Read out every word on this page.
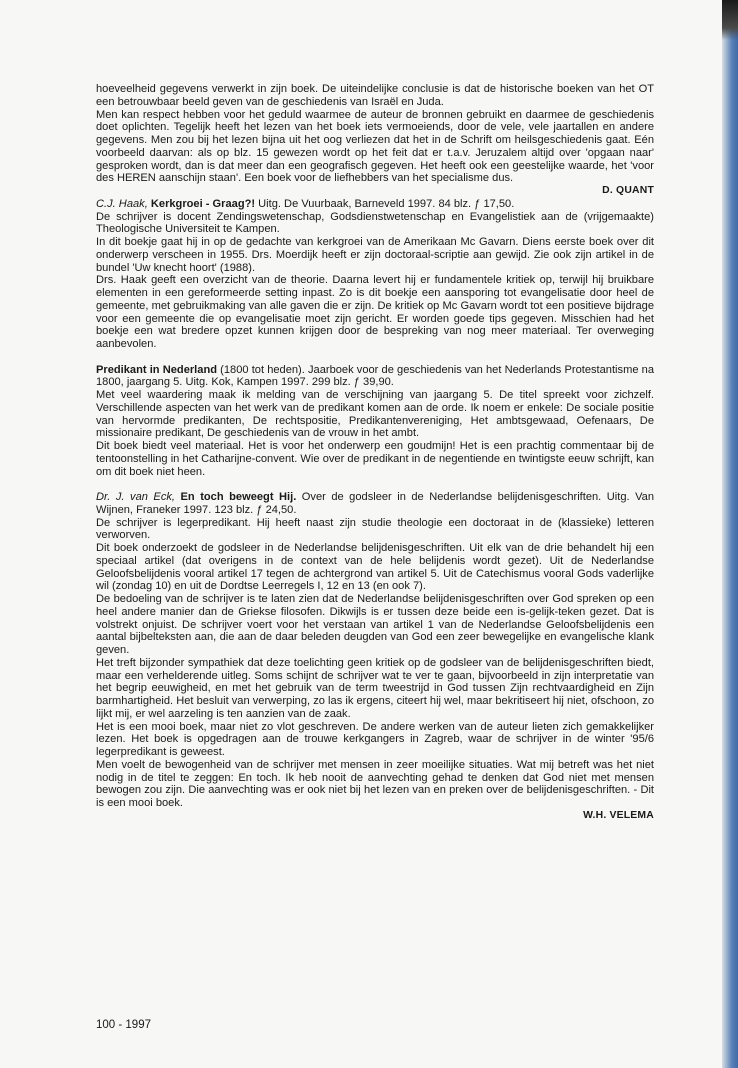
hoeveelheid gegevens verwerkt in zijn boek. De uiteindelijke conclusie is dat de historische boeken van het OT een betrouwbaar beeld geven van de geschiedenis van Israël en Juda.

Men kan respect hebben voor het geduld waarmee de auteur de bronnen gebruikt en daarmee de geschiedenis doet oplichten. Tegelijk heeft het lezen van het boek iets vermoeiends, door de vele, vele jaartallen en andere gegevens. Men zou bij het lezen bijna uit het oog verliezen dat het in de Schrift om heilsgeschiedenis gaat. Eén voorbeeld daarvan: als op blz. 15 gewezen wordt op het feit dat er t.a.v. Jeruzalem altijd over 'opgaan naar' gesproken wordt, dan is dat meer dan een geografisch gegeven. Het heeft ook een geestelijke waarde, het 'voor des HEREN aanschijn staan'. Een boek voor de liefhebbers van het specialisme dus.

D. QUANT

C.J. Haak, Kerkgroei - Graag?! Uitg. De Vuurbaak, Barneveld 1997. 84 blz. ƒ 17,50.

De schrijver is docent Zendingswetenschap, Godsdienstwetenschap en Evangelistiek aan de (vrijgemaakte) Theologische Universiteit te Kampen.

In dit boekje gaat hij in op de gedachte van kerkgroei van de Amerikaan Mc Gavarn. Diens eerste boek over dit onderwerp verscheen in 1955. Drs. Moerdijk heeft er zijn doctoraal-scriptie aan gewijd. Zie ook zijn artikel in de bundel 'Uw knecht hoort' (1988).

Drs. Haak geeft een overzicht van de theorie. Daarna levert hij er fundamentele kritiek op, terwijl hij bruikbare elementen in een gereformeerde setting inpast. Zo is dit boekje een aansporing tot evangelisatie door heel de gemeente, met gebruikmaking van alle gaven die er zijn. De kritiek op Mc Gavarn wordt tot een positieve bijdrage voor een gemeente die op evangelisatie moet zijn gericht. Er worden goede tips gegeven. Misschien had het boekje een wat bredere opzet kunnen krijgen door de bespreking van nog meer materiaal. Ter overweging aanbevolen.

Predikant in Nederland (1800 tot heden). Jaarboek voor de geschiedenis van het Nederlands Protestantisme na 1800, jaargang 5. Uitg. Kok, Kampen 1997. 299 blz. ƒ 39,90.

Met veel waardering maak ik melding van de verschijning van jaargang 5. De titel spreekt voor zichzelf. Verschillende aspecten van het werk van de predikant komen aan de orde. Ik noem er enkele: De sociale positie van hervormde predikanten, De rechtspositie, Predikantenvereniging, Het ambtsgewaad, Oefenaars, De missionaire predikant, De geschiedenis van de vrouw in het ambt.

Dit boek biedt veel materiaal. Het is voor het onderwerp een goudmijn! Het is een prachtig commentaar bij de tentoonstelling in het Catharijne-convent. Wie over de predikant in de negentiende en twintigste eeuw schrijft, kan om dit boek niet heen.

Dr. J. van Eck, En toch beweegt Hij. Over de godsleer in de Nederlandse belijdenisgeschriften. Uitg. Van Wijnen, Franeker 1997. 123 blz. ƒ 24,50.

De schrijver is legerpredikant. Hij heeft naast zijn studie theologie een doctoraat in de (klassieke) letteren verworven.

Dit boek onderzoekt de godsleer in de Nederlandse belijdenisgeschriften. Uit elk van de drie behandelt hij een speciaal artikel (dat overigens in de context van de hele belijdenis wordt gezet). Uit de Nederlandse Geloofsbelijdenis vooral artikel 17 tegen de achtergrond van artikel 5. Uit de Catechismus vooral Gods vaderlijke wil (zondag 10) en uit de Dordtse Leerregels I, 12 en 13 (en ook 7).

De bedoeling van de schrijver is te laten zien dat de Nederlandse belijdenisgeschriften over God spreken op een heel andere manier dan de Griekse filosofen. Dikwijls is er tussen deze beide een is-gelijk-teken gezet. Dat is volstrekt onjuist. De schrijver voert voor het verstaan van artikel 1 van de Nederlandse Geloofsbelijdenis een aantal bijbelteksten aan, die aan de daar beleden deugden van God een zeer bewegelijke en evangelische klank geven.

Het treft bijzonder sympathiek dat deze toelichting geen kritiek op de godsleer van de belijdenisgeschriften biedt, maar een verhelderende uitleg. Soms schijnt de schrijver wat te ver te gaan, bijvoorbeeld in zijn interpretatie van het begrip eeuwigheid, en met het gebruik van de term tweestrijd in God tussen Zijn rechtvaardigheid en Zijn barmhartigheid. Het besluit van verwerping, zo las ik ergens, citeert hij wel, maar bekritiseert hij niet, ofschoon, zo lijkt mij, er wel aarzeling is ten aanzien van de zaak.

Het is een mooi boek, maar niet zo vlot geschreven. De andere werken van de auteur lieten zich gemakkelijker lezen. Het boek is opgedragen aan de trouwe kerkgangers in Zagreb, waar de schrijver in de winter '95/6 legerpredikant is geweest.

Men voelt de bewogenheid van de schrijver met mensen in zeer moeilijke situaties. Wat mij betreft was het niet nodig in de titel te zeggen: En toch. Ik heb nooit de aanvechting gehad te denken dat God niet met mensen bewogen zou zijn. Die aanvechting was er ook niet bij het lezen van en preken over de belijdenisgeschriften. - Dit is een mooi boek.

W.H. VELEMA

100 - 1997
